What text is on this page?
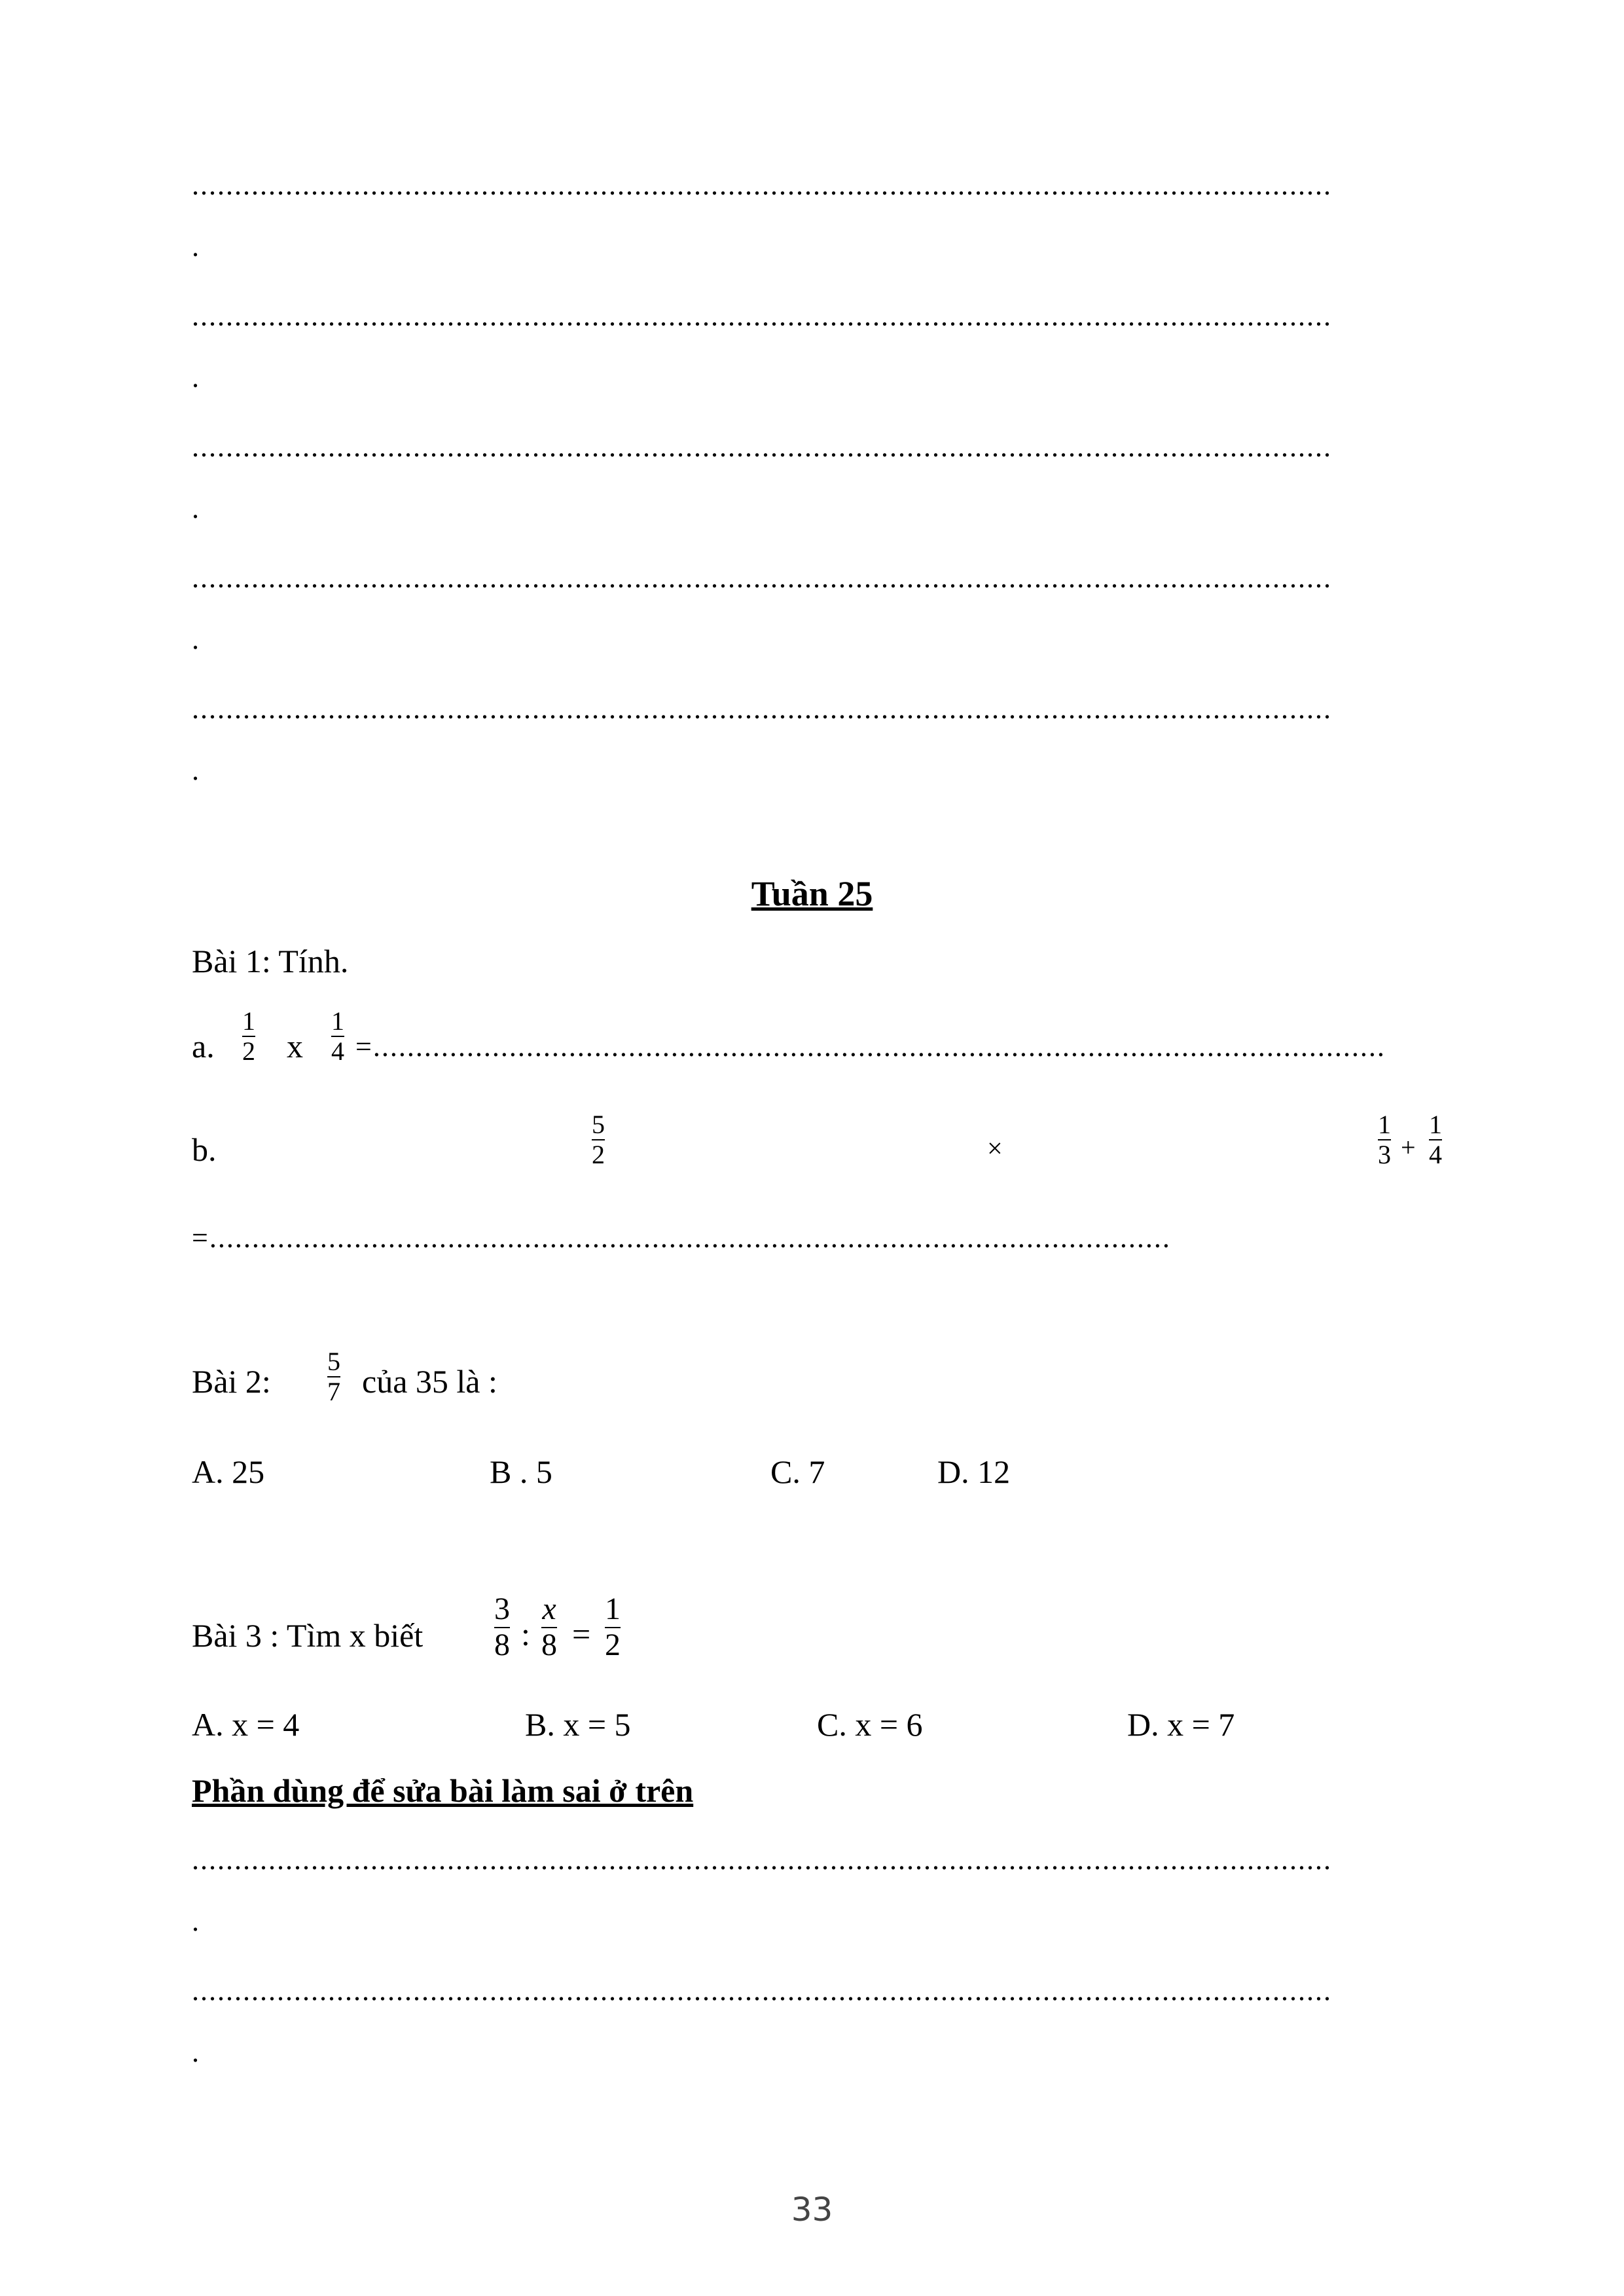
......................................................................................................................................
.
......................................................................................................................................
.
......................................................................................................................................
.
......................................................................................................................................
.
......................................................................................................................................
.
Tuần 25
Bài 1: Tính.
a.
1
2 x
1
4 =.......................................................................................................................
b.
5
2	×
1
3 +
1
4
=.................................................................................................................
Bài 2:
5
7 của 35 là :
A. 25	B . 5	C. 7	D. 12
Bài 3 : Tìm x biết
3
8 :
x
8 =
1
2
A. x = 4	B. x = 5	C. x = 6	D. x = 7
Phần dùng để sửa bài làm sai ở trên
......................................................................................................................................
.
......................................................................................................................................
.
33
